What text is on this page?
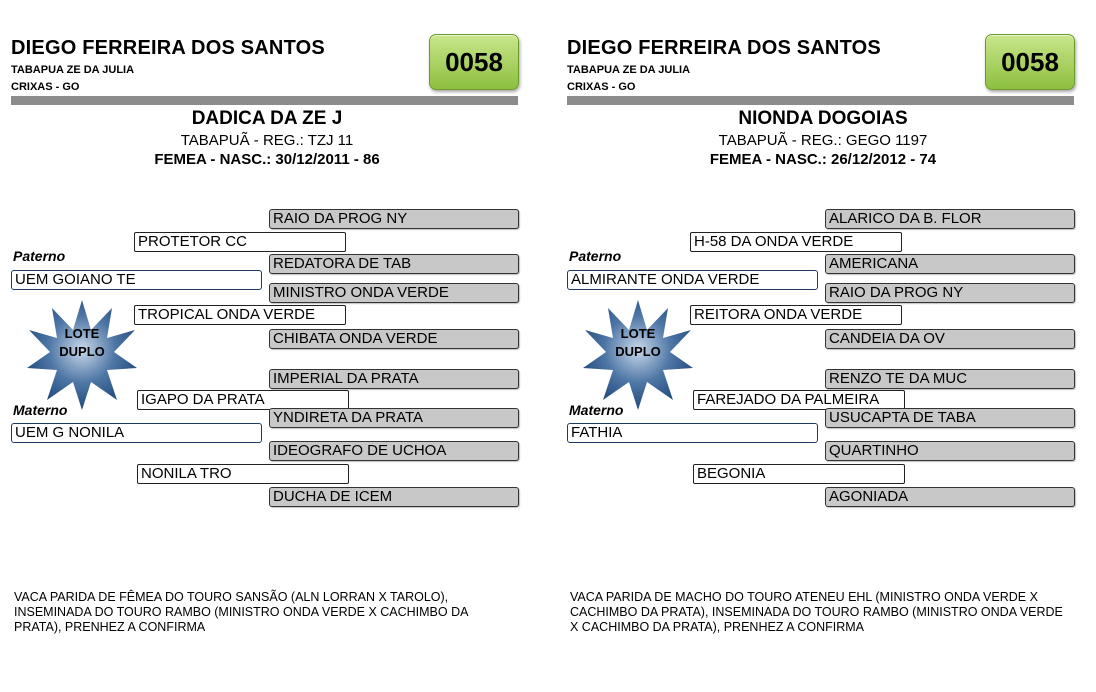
DIEGO FERREIRA DOS SANTOS
TABAPUA ZE DA JULIA
CRIXAS - GO
0058
DADICA DA ZE J
TABAPUÃ - REG.: TZJ 11
FEMEA - NASC.: 30/12/2011 - 86
RAIO DA PROG NY
PROTETOR CC
Paterno	REDATORA DE TAB
UEM GOIANO TE
MINISTRO ONDA VERDE
TROPICAL ONDA VERDE
CHIBATA ONDA VERDE
LOTE
DUPLO
IMPERIAL DA PRATA
IGAPO DA PRATA
Materno	YNDIRETA DA PRATA
UEM G NONILA
IDEOGRAFO DE UCHOA
NONILA TRO
DUCHA DE ICEM
VACA PARIDA DE FÊMEA DO TOURO SANSÃO (ALN LORRAN X TAROLO), INSEMINADA DO TOURO RAMBO (MINISTRO ONDA VERDE X CACHIMBO DA PRATA), PRENHEZ A CONFIRMA
DIEGO FERREIRA DOS SANTOS
TABAPUA ZE DA JULIA
CRIXAS - GO
0058
NIONDA DOGOIAS
TABAPUÃ - REG.: GEGO 1197
FEMEA - NASC.: 26/12/2012 - 74
ALARICO DA B. FLOR
H-58 DA ONDA VERDE
Paterno	AMERICANA
ALMIRANTE ONDA VERDE
RAIO DA PROG NY
REITORA ONDA VERDE
CANDEIA DA OV
LOTE
DUPLO
RENZO TE DA MUC
FAREJADO DA PALMEIRA
Materno	USUCAPTA DE TABA
FATHIA
QUARTINHO
BEGONIA
AGONIADA
VACA PARIDA DE MACHO DO TOURO ATENEU EHL (MINISTRO ONDA VERDE X CACHIMBO DA PRATA), INSEMINADA DO TOURO RAMBO (MINISTRO ONDA VERDE X CACHIMBO DA PRATA), PRENHEZ A CONFIRMA
